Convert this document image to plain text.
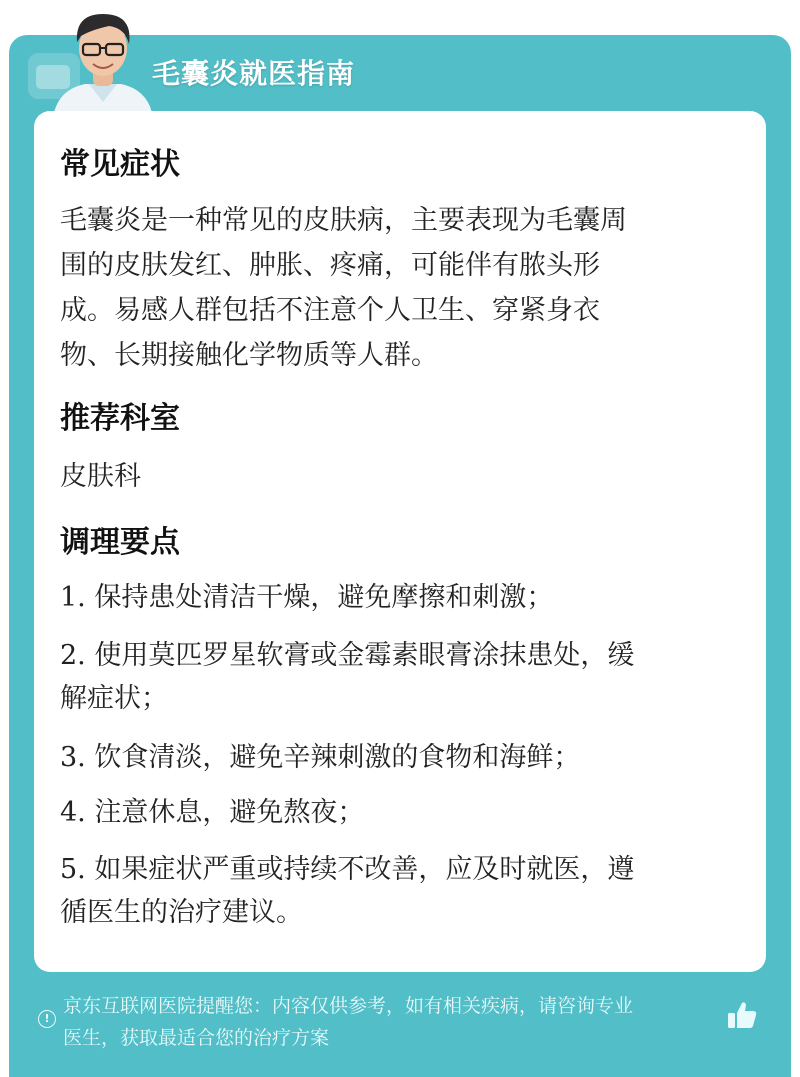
毛囊炎就医指南
常见症状
毛囊炎是一种常见的皮肤病，主要表现为毛囊周
围的皮肤发红、肿胀、疼痛，可能伴有脓头形
成。易感人群包括不注意个人卫生、穿紧身衣
物、长期接触化学物质等人群。
推荐科室
皮肤科
调理要点
1. 保持患处清洁干燥，避免摩擦和刺激；
2. 使用莫匹罗星软膏或金霉素眼膏涂抹患处，缓
解症状；
3. 饮食清淡，避免辛辣刺激的食物和海鲜；
4. 注意休息，避免熬夜；
5. 如果症状严重或持续不改善，应及时就医，遵
循医生的治疗建议。
!
京东互联网医院提醒您：内容仅供参考，如有相关疾病，请咨询专业
医生，获取最适合您的治疗方案
